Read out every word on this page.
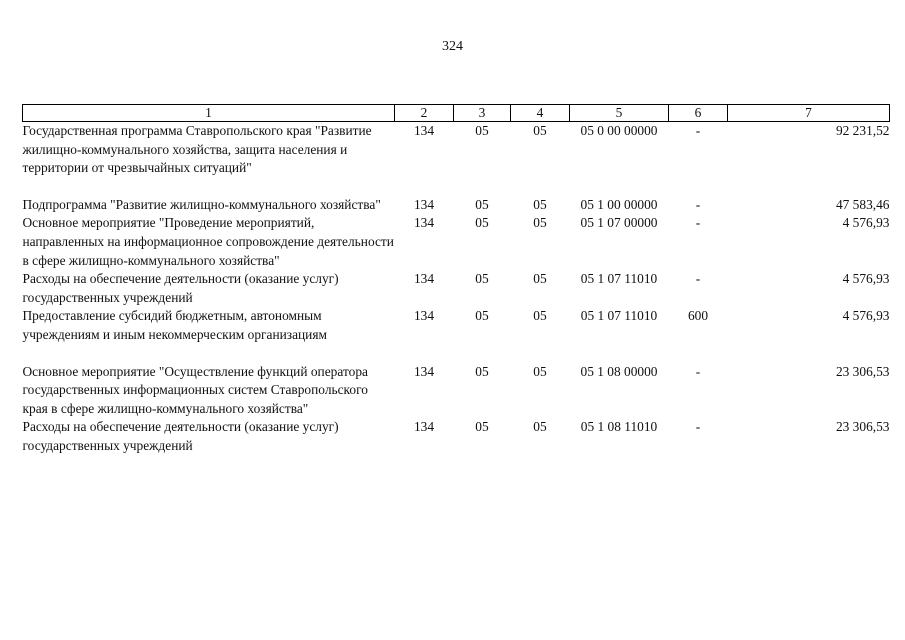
324
1	2	3	4	5	6	7
Государственная программа Ставропольского края "Развитие жилищно-коммунального хозяйства, защита населения и территории от чрезвычайных ситуаций"	134	05	05	05 0 00 00000	-	92 231,52
Подпрограмма "Развитие жилищно-коммунального хозяйства"	134	05	05	05 1 00 00000	-	47 583,46
Основное мероприятие "Проведение мероприятий, направленных на информационное сопровождение деятельности в сфере жилищно-коммунального хозяйства"	134	05	05	05 1 07 00000	-	4 576,93
Расходы на обеспечение деятельности (оказание услуг) государственных учреждений	134	05	05	05 1 07 11010	-	4 576,93
Предоставление субсидий бюджетным, автономным учреждениям и иным некоммерческим организациям	134	05	05	05 1 07 11010	600	4 576,93
Основное мероприятие "Осуществление функций оператора государственных информационных систем Ставропольского края в сфере жилищно-коммунального хозяйства"	134	05	05	05 1 08 00000	-	23 306,53
Расходы на обеспечение деятельности (оказание услуг) государственных учреждений	134	05	05	05 1 08 11010	-	23 306,53
